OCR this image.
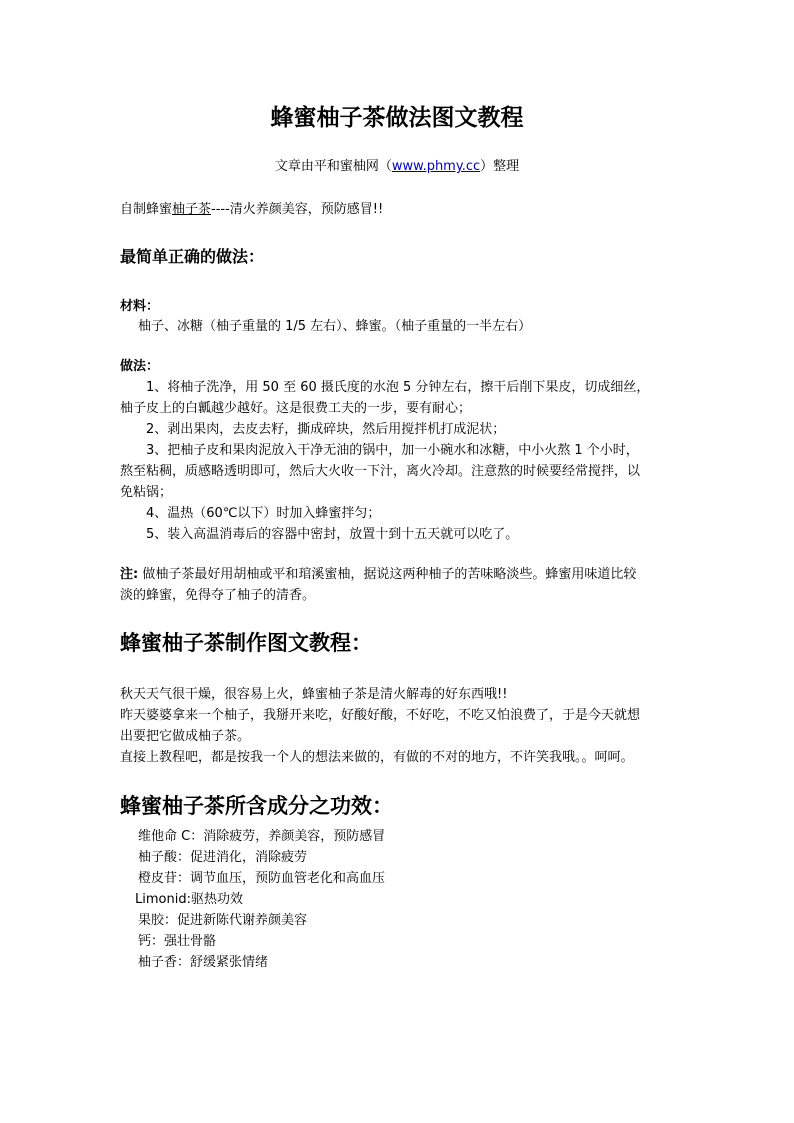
蜂蜜柚子茶做法图文教程
文章由平和蜜柚网（www.phmy.cc）整理
自制蜂蜜柚子茶----清火养颜美容，预防感冒!!
最简单正确的做法：
材料：
柚子、冰糖（柚子重量的 1/5 左右）、蜂蜜。（柚子重量的一半左右）
做法：
1、将柚子洗净，用 50 至 60 摄氏度的水泡 5 分钟左右，擦干后削下果皮，切成细丝，
柚子皮上的白瓤越少越好。这是很费工夫的一步，要有耐心；
2、剥出果肉，去皮去籽，撕成碎块，然后用搅拌机打成泥状；
3、把柚子皮和果肉泥放入干净无油的锅中，加一小碗水和冰糖，中小火熬 1 个小时，
熬至粘稠，质感略透明即可，然后大火收一下汁，离火冷却。注意熬的时候要经常搅拌，以
免粘锅；
4、温热（60℃以下）时加入蜂蜜拌匀；
5、装入高温消毒后的容器中密封，放置十到十五天就可以吃了。
注: 做柚子茶最好用胡柚或平和琯溪蜜柚，据说这两种柚子的苦味略淡些。蜂蜜用味道比较
淡的蜂蜜，免得夺了柚子的清香。
蜂蜜柚子茶制作图文教程：
秋天天气很干燥，很容易上火，蜂蜜柚子茶是清火解毒的好东西哦!!
昨天婆婆拿来一个柚子，我掰开来吃，好酸好酸，不好吃，不吃又怕浪费了，于是今天就想
出要把它做成柚子茶。
直接上教程吧，都是按我一个人的想法来做的，有做的不对的地方，不许笑我哦。。呵呵。
蜂蜜柚子茶所含成分之功效：
维他命 C：消除疲劳，养颜美容，预防感冒
柚子酸：促进消化，消除疲劳
橙皮苷：调节血压，预防血管老化和高血压
Limonid:驱热功效
果胶：促进新陈代谢养颜美容
钙：强壮骨骼
柚子香：舒缓紧张情绪
